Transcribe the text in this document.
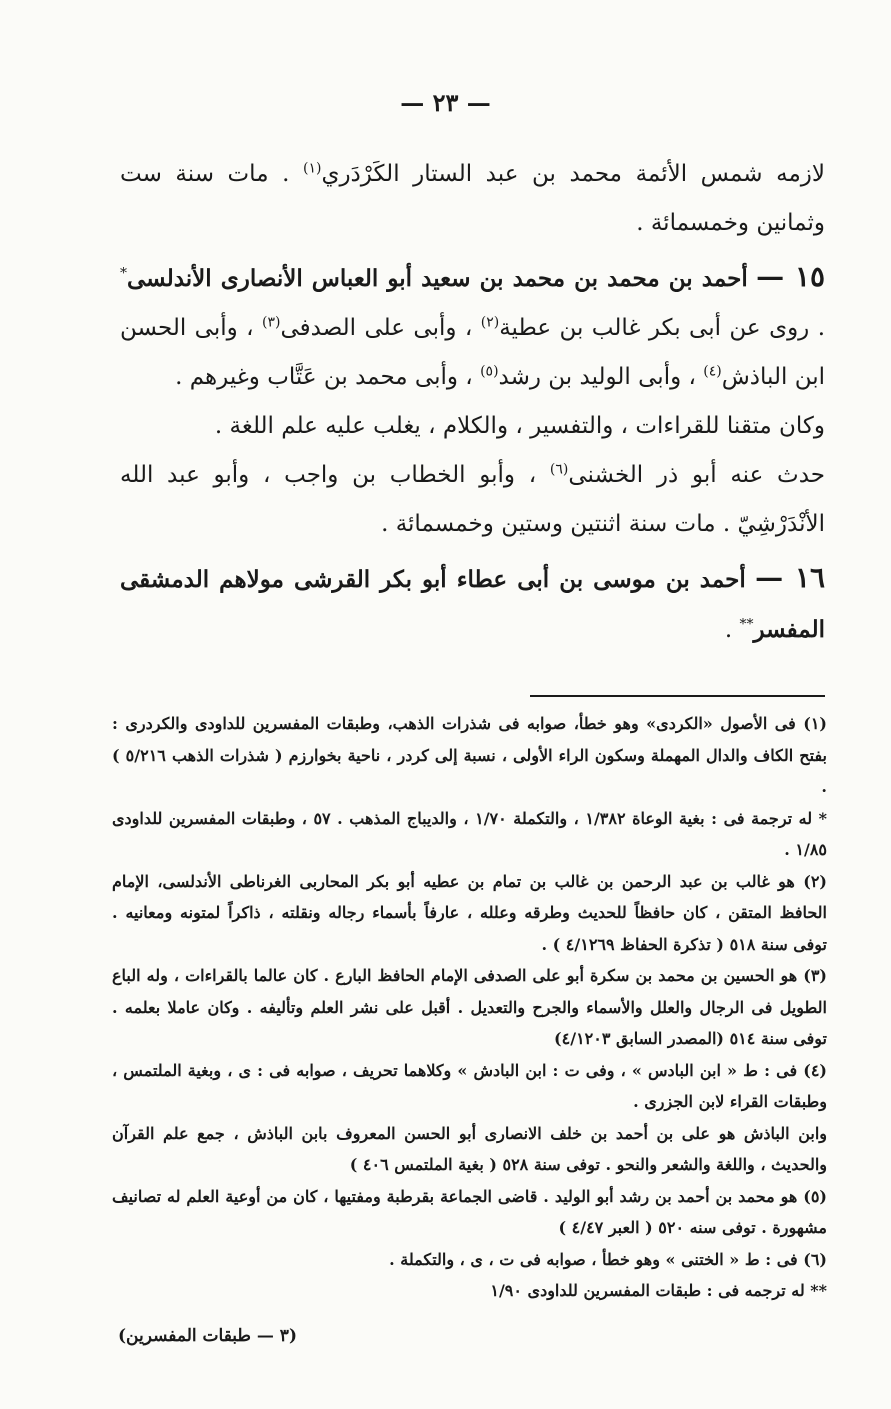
— ٢٣ —

لازمه شمس الأئمة محمد بن عبد الستار الكَرْدَري$^{(١)}$ . مات سنة ست وثمانين وخمسمائة .

١٥ — أحمد بن محمد بن محمد بن سعيد أبو العباس الأنصارى الأندلسى* . روى عن أبى بكر غالب بن عطية$^{(٢)}$ ، وأبى على الصدفى$^{(٣)}$ ، وأبى الحسن ابن الباذش$^{(٤)}$ ، وأبى الوليد بن رشد$^{(٥)}$ ، وأبى محمد بن عَتَّاب وغيرهم .

وكان متقنا للقراءات ، والتفسير ، والكلام ، يغلب عليه علم اللغة .

حدث عنه أبو ذر الخشنى$^{(٦)}$ ، وأبو الخطاب بن واجب ، وأبو عبد الله الأنْدَرْشِيّ . مات سنة اثنتين وستين وخمسمائة .

١٦ — أحمد بن موسى بن أبى عطاء أبو بكر القرشى مولاهم الدمشقى المفسر** .

(١) فى الأصول «الكردى» وهو خطأ، صوابه فى شذرات الذهب، وطبقات المفسرين للداودى والكردرى : بفتح الكاف والدال المهملة وسكون الراء الأولى ، نسبة إلى كردر ، ناحية بخوارزم ( شذرات الذهب ٥/٢١٦ ) .

* له ترجمة فى : بغية الوعاة ١/٣٨٢ ، والتكملة ١/٧٠ ، والديباج المذهب . ٥٧ ، وطبقات المفسرين للداودى ١/٨٥ .

(٢) هو غالب بن عبد الرحمن بن غالب بن تمام بن عطيه أبو بكر المحاربى الغرناطى الأندلسى، الإمام الحافظ المتقن ، كان حافظاً للحديث وطرقه وعلله ، عارفاً بأسماء رجاله ونقلته ، ذاكراً لمتونه ومعانيه . توفى سنة ٥١٨ ( تذكرة الحفاظ ٤/١٢٦٩ ) .

(٣) هو الحسين بن محمد بن سكرة أبو على الصدفى الإمام الحافظ البارع . كان عالما بالقراءات ، وله الباع الطويل فى الرجال والعلل والأسماء والجرح والتعديل . أقبل على نشر العلم وتأليفه . وكان عاملا بعلمه . توفى سنة ٥١٤ (المصدر السابق ٤/١٢٠٣)

(٤) فى : ط « ابن البادس » ، وفى ت : ابن البادش » وكلاهما تحريف ، صوابه فى : ى ، وبغية الملتمس ، وطبقات القراء لابن الجزرى .

وابن الباذش هو على بن أحمد بن خلف الانصارى أبو الحسن المعروف بابن الباذش ، جمع علم القرآن والحديث ، واللغة والشعر والنحو . توفى سنة ٥٢٨ ( بغية الملتمس ٤٠٦ )

(٥) هو محمد بن أحمد بن رشد أبو الوليد . قاضى الجماعة بقرطبة ومفتيها ، كان من أوعية العلم له تصانيف مشهورة . توفى سنه ٥٢٠ ( العبر ٤/٤٧ )

(٦) فى : ط « الختنى » وهو خطأ ، صوابه فى ت ، ى ، والتكملة .

** له ترجمه فى : طبقات المفسرين للداودى ١/٩٠

(٣ — طبقات المفسرين)
